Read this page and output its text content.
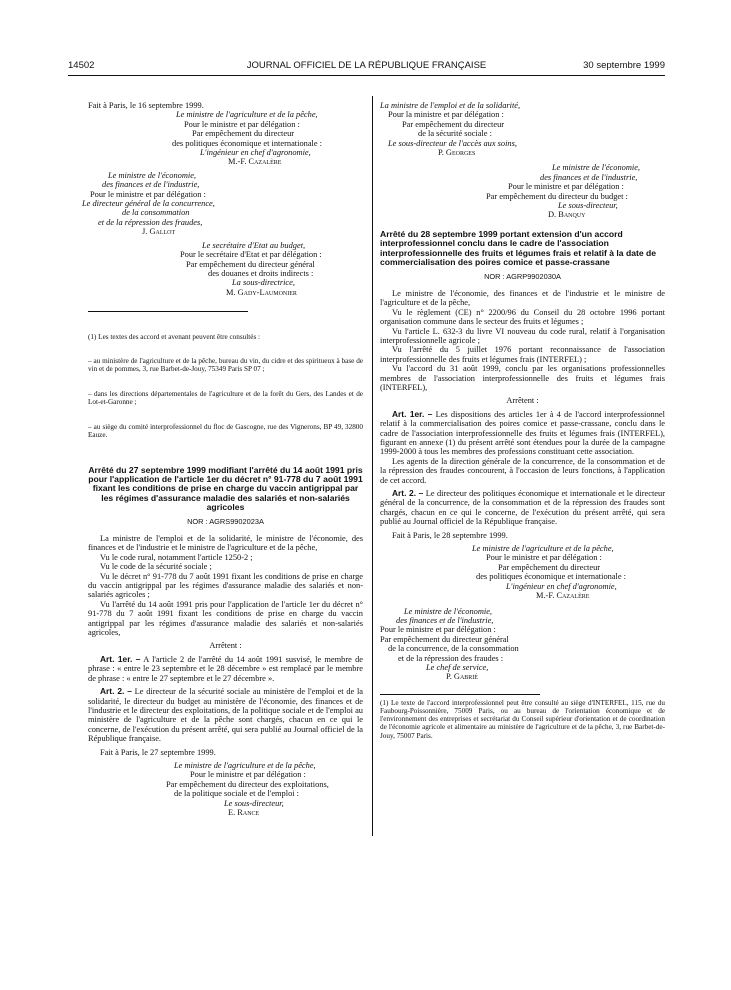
14502	JOURNAL OFFICIEL DE LA RÉPUBLIQUE FRANÇAISE	30 septembre 1999
Fait à Paris, le 16 septembre 1999.
Le ministre de l'agriculture et de la pêche,
Pour le ministre et par délégation :
Par empêchement du directeur
des politiques économique et internationale :
L'ingénieur en chef d'agronomie,
M.-F. Cazalère
Le ministre de l'économie,
des finances et de l'industrie,
Pour le ministre et par délégation :
Le directeur général de la concurrence,
de la consommation
et de la répression des fraudes,
J. Gallot
Le secrétaire d'Etat au budget,
Pour le secrétaire d'Etat et par délégation :
Par empêchement du directeur général
des douanes et droits indirects :
La sous-directrice,
M. Gady-Laumonier

(1) Les textes des accord et avenant peuvent être consultés :

– au ministère de l'agriculture et de la pêche, bureau du vin, du cidre et des spiritueux à base de vin et de pommes, 3, rue Barbet-de-Jouy, 75349 Paris SP 07 ;

– dans les directions départementales de l'agriculture et de la forêt du Gers, des Landes et de Lot-et-Garonne ;

– au siège du comité interprofessionnel du floc de Gascogne, rue des Vignerons, BP 49, 32800 Eauze.

Arrêté du 27 septembre 1999 modifiant l'arrêté du 14 août 1991 pris pour l'application de l'article 1er du décret n° 91-778 du 7 août 1991 fixant les conditions de prise en charge du vaccin antigrippal par les régimes d'assurance maladie des salariés et non-salariés agricoles
NOR : AGRS9902023A
La ministre de l'emploi et de la solidarité, le ministre de l'économie, des finances et de l'industrie et le ministre de l'agriculture et de la pêche,
Vu le code rural, notamment l'article 1250-2 ;
Vu le code de la sécurité sociale ;
Vu le décret n° 91-778 du 7 août 1991 fixant les conditions de prise en charge du vaccin antigrippal par les régimes d'assurance maladie des salariés et non-salariés agricoles ;
Vu l'arrêté du 14 août 1991 pris pour l'application de l'article 1er du décret n° 91-778 du 7 août 1991 fixant les conditions de prise en charge du vaccin antigrippal par les régimes d'assurance maladie des salariés et non-salariés agricoles,
Arrêtent :
Art. 1er. – A l'article 2 de l'arrêté du 14 août 1991 susvisé, le membre de phrase : « entre le 23 septembre et le 28 décembre » est remplacé par le membre de phrase : « entre le 27 septembre et le 27 décembre ».
Art. 2. – Le directeur de la sécurité sociale au ministère de l'emploi et de la solidarité, le directeur du budget au ministère de l'économie, des finances et de l'industrie et le directeur des exploitations, de la politique sociale et de l'emploi au ministère de l'agriculture et de la pêche sont chargés, chacun en ce qui le concerne, de l'exécution du présent arrêté, qui sera publié au Journal officiel de la République française.
Fait à Paris, le 27 septembre 1999.
Le ministre de l'agriculture et de la pêche,
Pour le ministre et par délégation :
Par empêchement du directeur des exploitations,
de la politique sociale et de l'emploi :
Le sous-directeur,
E. Rance
La ministre de l'emploi et de la solidarité,
Pour la ministre et par délégation :
Par empêchement du directeur
de la sécurité sociale :
Le sous-directeur de l'accès aux soins,
P. Georges
Le ministre de l'économie,
des finances et de l'industrie,
Pour le ministre et par délégation :
Par empêchement du directeur du budget :
Le sous-directeur,
D. Banquy
Arrêté du 28 septembre 1999 portant extension d'un accord interprofessionnel conclu dans le cadre de l'association interprofessionnelle des fruits et légumes frais et relatif à la date de commercialisation des poires comice et passe-crassane
NOR : AGRP9902030A
Le ministre de l'économie, des finances et de l'industrie et le ministre de l'agriculture et de la pêche,
Vu le règlement (CE) n° 2200/96 du Conseil du 28 octobre 1996 portant organisation commune dans le secteur des fruits et légumes ;
Vu l'article L. 632-3 du livre VI nouveau du code rural, relatif à l'organisation interprofessionnelle agricole ;
Vu l'arrêté du 5 juillet 1976 portant reconnaissance de l'association interprofessionnelle des fruits et légumes frais (INTERFEL) ;
Vu l'accord du 31 août 1999, conclu par les organisations professionnelles membres de l'association interprofessionnelle des fruits et légumes frais (INTERFEL),
Arrêtent :
Art. 1er. – Les dispositions des articles 1er à 4 de l'accord interprofessionnel relatif à la commercialisation des poires comice et passe-crassane, conclu dans le cadre de l'association interprofessionnelle des fruits et légumes frais (INTERFEL), figurant en annexe (1) du présent arrêté sont étendues pour la durée de la campagne 1999-2000 à tous les membres des professions constituant cette association.
Les agents de la direction générale de la concurrence, de la consommation et de la répression des fraudes concourent, à l'occasion de leurs fonctions, à l'application de cet accord.
Art. 2. – Le directeur des politiques économique et internationale et le directeur général de la concurrence, de la consommation et de la répression des fraudes sont chargés, chacun en ce qui le concerne, de l'exécution du présent arrêté, qui sera publié au Journal officiel de la République française.
Fait à Paris, le 28 septembre 1999.
Le ministre de l'agriculture et de la pêche,
Pour le ministre et par délégation :
Par empêchement du directeur
des politiques économique et internationale :
L'ingénieur en chef d'agronomie,
M.-F. Cazalère
Le ministre de l'économie,
des finances et de l'industrie,
Pour le ministre et par délégation :
Par empêchement du directeur général
de la concurrence, de la consommation
et de la répression des fraudes :
Le chef de service,
P. Gabrié
(1) Le texte de l'accord interprofessionnel peut être consulté au siège d'INTERFEL, 115, rue du Faubourg-Poissonnière, 75009 Paris, ou au bureau de l'orientation économique et de l'environnement des entreprises et secrétariat du Conseil supérieur d'orientation et de coordination de l'économie agricole et alimentaire au ministère de l'agriculture et de la pêche, 3, rue Barbet-de-Jouy, 75007 Paris.
